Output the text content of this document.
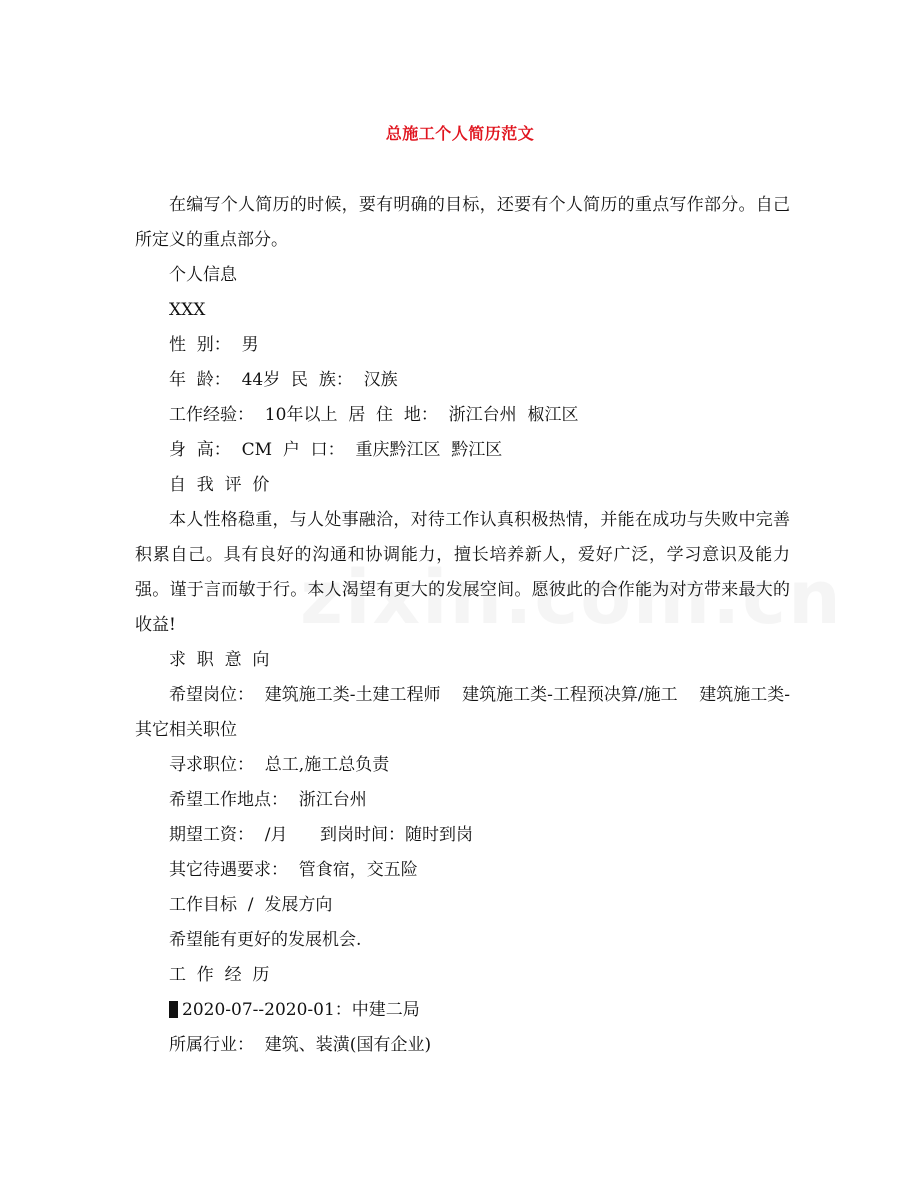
总施工个人简历范文

在编写个人简历的时候，要有明确的目标，还要有个人简历的重点写作部分。自己所定义的重点部分。

个人信息

XXX

性  别：  男

年  龄：  44岁  民  族：  汉族

工作经验：  10年以上  居  住  地：  浙江台州  椒江区

身  高：  CM  户  口：  重庆黔江区  黔江区

自  我  评  价

本人性格稳重，与人处事融洽，对待工作认真积极热情，并能在成功与失败中完善积累自己。具有良好的沟通和协调能力，擅长培养新人，爱好广泛，学习意识及能力强。谨于言而敏于行。本人渴望有更大的发展空间。愿彼此的合作能为对方带来最大的收益!

求  职  意  向

希望岗位：  建筑施工类-土建工程师    建筑施工类-工程预决算/施工    建筑施工类-其它相关职位

寻求职位：  总工,施工总负责

希望工作地点：  浙江台州

期望工资：  /月      到岗时间：随时到岗

其它待遇要求：  管食宿，交五险

工作目标  /  发展方向

希望能有更好的发展机会.

工  作  经  历

2020-07--2020-01：中建二局

所属行业：  建筑、装潢(国有企业)
